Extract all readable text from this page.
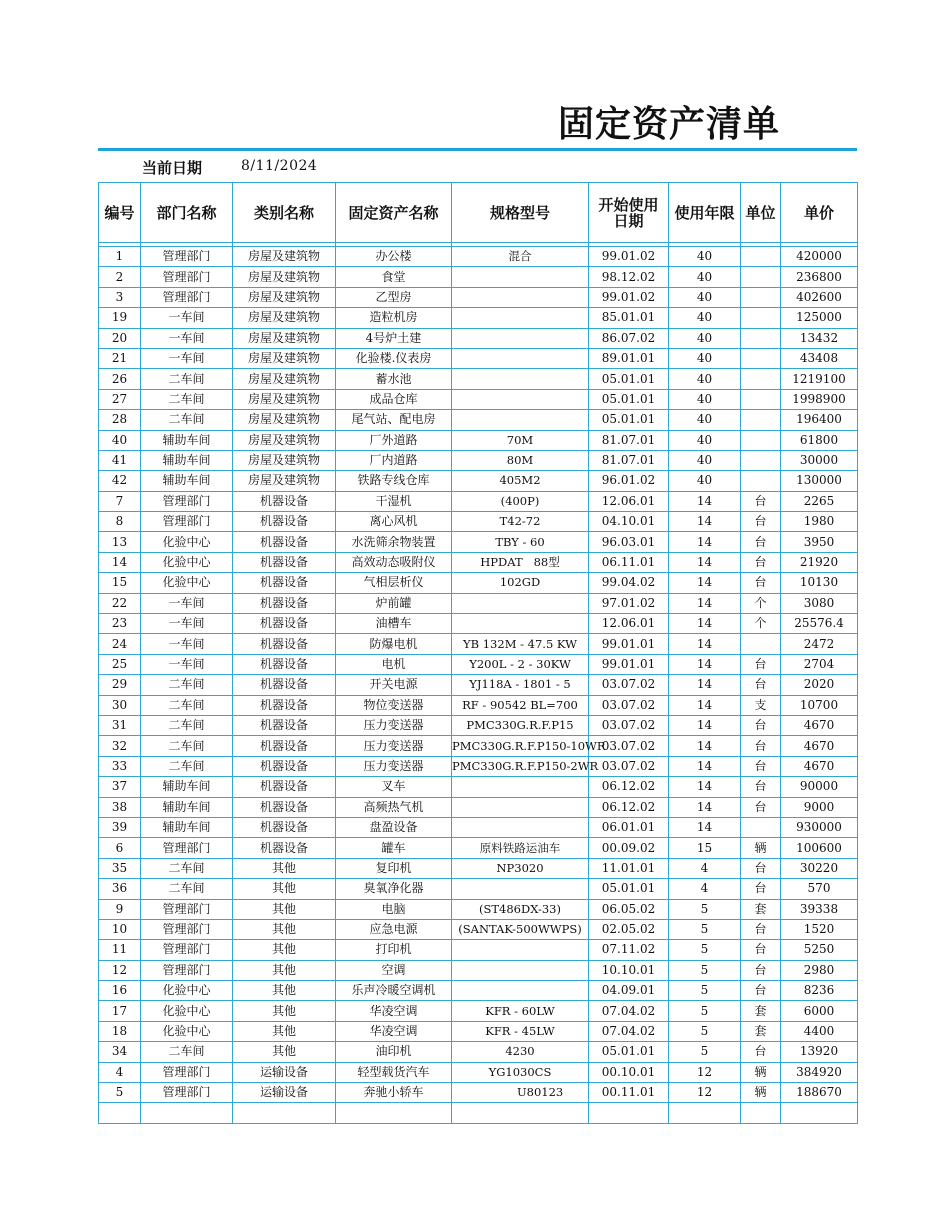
固定资产清单
当前日期	8/11/2024
编号	部门名称	类别名称	固定资产名称	规格型号	开始使用日期	使用年限	单位	单价

1	管理部门	房屋及建筑物	办公楼	混合	99.01.02	40		420000
2	管理部门	房屋及建筑物	食堂		98.12.02	40		236800
3	管理部门	房屋及建筑物	乙型房		99.01.02	40		402600
19	一车间	房屋及建筑物	造粒机房		85.01.01	40		125000
20	一车间	房屋及建筑物	4号炉土建		86.07.02	40		13432
21	一车间	房屋及建筑物	化验楼.仪表房		89.01.01	40		43408
26	二车间	房屋及建筑物	蓄水池		05.01.01	40		1219100
27	二车间	房屋及建筑物	成品仓库		05.01.01	40		1998900
28	二车间	房屋及建筑物	尾气站、配电房		05.01.01	40		196400
40	辅助车间	房屋及建筑物	厂外道路	70M	81.07.01	40		61800
41	辅助车间	房屋及建筑物	厂内道路	80M	81.07.01	40		30000
42	辅助车间	房屋及建筑物	铁路专线仓库	405M2	96.01.02	40		130000
7	管理部门	机器设备	干湿机	(400P)	12.06.01	14	台	2265
8	管理部门	机器设备	离心风机	T42-72	04.10.01	14	台	1980
13	化验中心	机器设备	水洗筛余物装置	TBY - 60	96.03.01	14	台	3950
14	化验中心	机器设备	高效动态吸附仪	HPDAT   88型	06.11.01	14	台	21920
15	化验中心	机器设备	气相层析仪	102GD	99.04.02	14	台	10130
22	一车间	机器设备	炉前罐		97.01.02	14	个	3080
23	一车间	机器设备	油槽车		12.06.01	14	个	25576.4
24	一车间	机器设备	防爆电机	YB 132M - 47.5 KW	99.01.01	14		2472
25	一车间	机器设备	电机	Y200L - 2 - 30KW	99.01.01	14	台	2704
29	二车间	机器设备	开关电源	YJ118A - 1801 - 5	03.07.02	14	台	2020
30	二车间	机器设备	物位变送器	RF - 90542 BL=700	03.07.02	14	支	10700
31	二车间	机器设备	压力变送器	PMC330G.R.F.P15	03.07.02	14	台	4670
32	二车间	机器设备	压力变送器	PMC330G.R.F.P150-10WR	03.07.02	14	台	4670
33	二车间	机器设备	压力变送器	PMC330G.R.F.P150-2WR	03.07.02	14	台	4670
37	辅助车间	机器设备	叉车		06.12.02	14	台	90000
38	辅助车间	机器设备	高频热气机		06.12.02	14	台	9000
39	辅助车间	机器设备	盘盈设备		06.01.01	14		930000
6	管理部门	机器设备	罐车	原料铁路运油车	00.09.02	15	辆	100600
35	二车间	其他	复印机	NP3020	11.01.01	4	台	30220
36	二车间	其他	臭氧净化器		05.01.01	4	台	570
9	管理部门	其他	电脑	(ST486DX-33)	06.05.02	5	套	39338
10	管理部门	其他	应急电源	(SANTAK-500WWPS)	02.05.02	5	台	1520
11	管理部门	其他	打印机		07.11.02	5	台	5250
12	管理部门	其他	空调		10.10.01	5	台	2980
16	化验中心	其他	乐声冷暖空调机		04.09.01	5	台	8236
17	化验中心	其他	华凌空调	KFR - 60LW	07.04.02	5	套	6000
18	化验中心	其他	华凌空调	KFR - 45LW	07.04.02	5	套	4400
34	二车间	其他	油印机	4230	05.01.01	5	台	13920
4	管理部门	运输设备	轻型载货汽车	YG1030CS	00.10.01	12	辆	384920
5	管理部门	运输设备	奔驰小轿车	U80123	00.11.01	12	辆	188670
